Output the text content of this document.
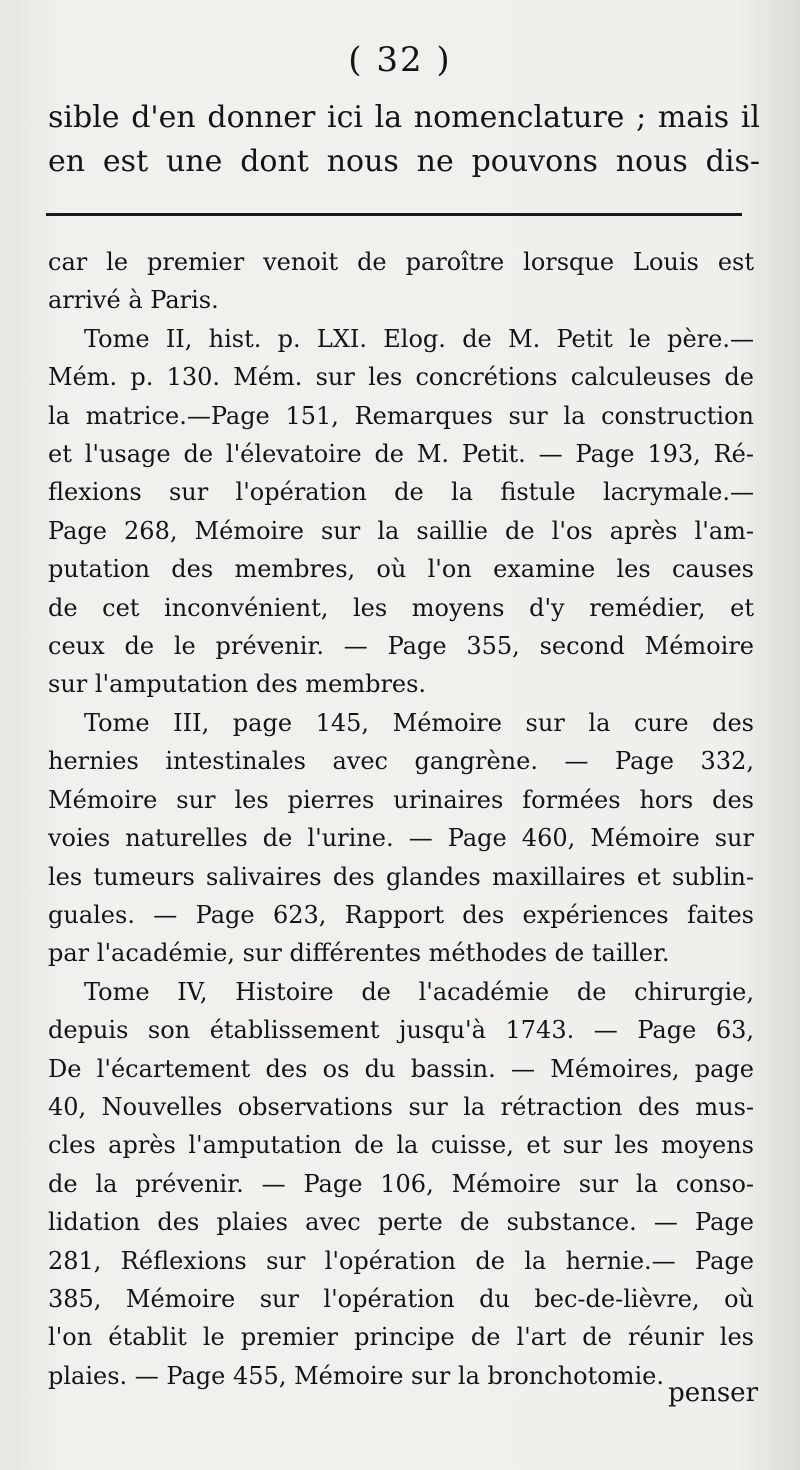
( 32 )
sible d'en donner ici la nomenclature ; mais il
en est une dont nous ne pouvons nous dis-
car le premier venoit de paroître lorsque Louis est
arrivé à Paris.
Tome II, hist. p. LXI. Elog. de M. Petit le père.—
Mém. p. 130. Mém. sur les concrétions calculeuses de
la matrice.—Page 151, Remarques sur la construction
et l'usage de l'élevatoire de M. Petit. — Page 193, Ré-
flexions sur l'opération de la fistule lacrymale.—
Page 268, Mémoire sur la saillie de l'os après l'am-
putation des membres, où l'on examine les causes
de cet inconvénient, les moyens d'y remédier, et
ceux de le prévenir. — Page 355, second Mémoire
sur l'amputation des membres.
Tome III, page 145, Mémoire sur la cure des
hernies intestinales avec gangrène. — Page 332,
Mémoire sur les pierres urinaires formées hors des
voies naturelles de l'urine. — Page 460, Mémoire sur
les tumeurs salivaires des glandes maxillaires et sublin-
guales. — Page 623, Rapport des expériences faites
par l'académie, sur différentes méthodes de tailler.
Tome IV, Histoire de l'académie de chirurgie,
depuis son établissement jusqu'à 1743. — Page 63,
De l'écartement des os du bassin. — Mémoires, page
40, Nouvelles observations sur la rétraction des mus-
cles après l'amputation de la cuisse, et sur les moyens
de la prévenir. — Page 106, Mémoire sur la conso-
lidation des plaies avec perte de substance. — Page
281, Réflexions sur l'opération de la hernie.— Page
385, Mémoire sur l'opération du bec-de-lièvre, où
l'on établit le premier principe de l'art de réunir les
plaies. — Page 455, Mémoire sur la bronchotomie.
penser
